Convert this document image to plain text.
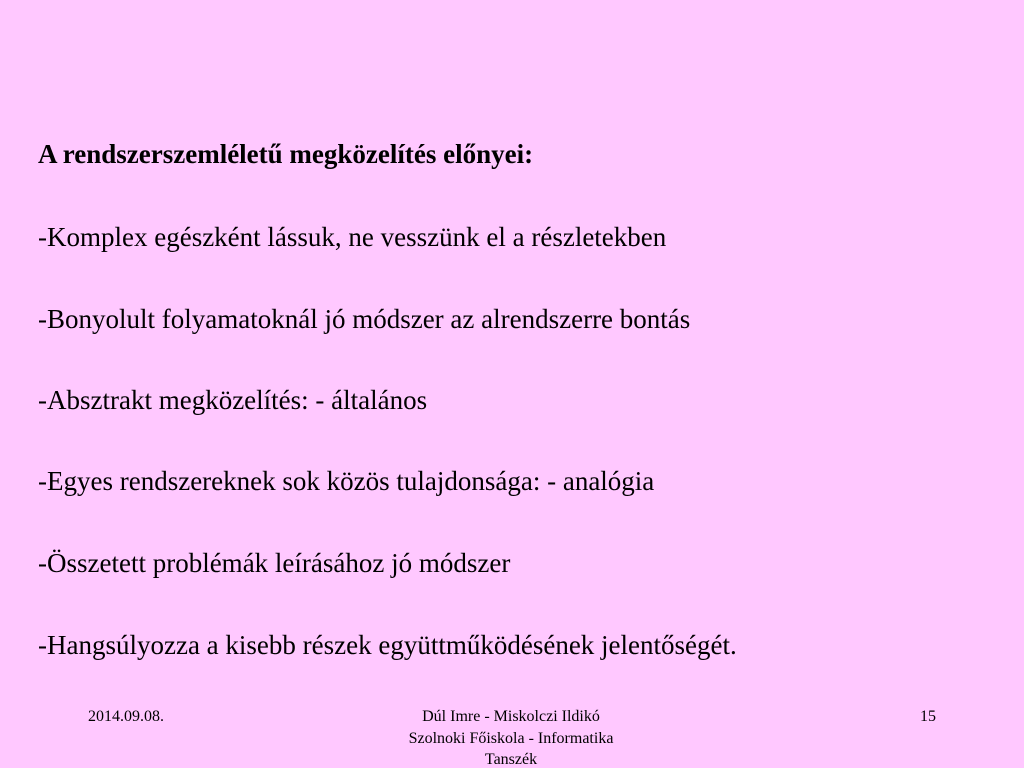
A rendszerszemléletű megközelítés előnyei:
-Komplex egészként lássuk, ne vesszünk el a részletekben
-Bonyolult folyamatoknál jó módszer az alrendszerre bontás
-Absztrakt megközelítés: - általános
-Egyes rendszereknek sok közös tulajdonsága: - analógia
-Összetett problémák leírásához jó módszer
-Hangsúlyozza a kisebb részek együttműködésének jelentőségét.
2014.09.08.	Dúl Imre - Miskolczi Ildikó
Szolnoki Főiskola - Informatika
Tanszék
15
